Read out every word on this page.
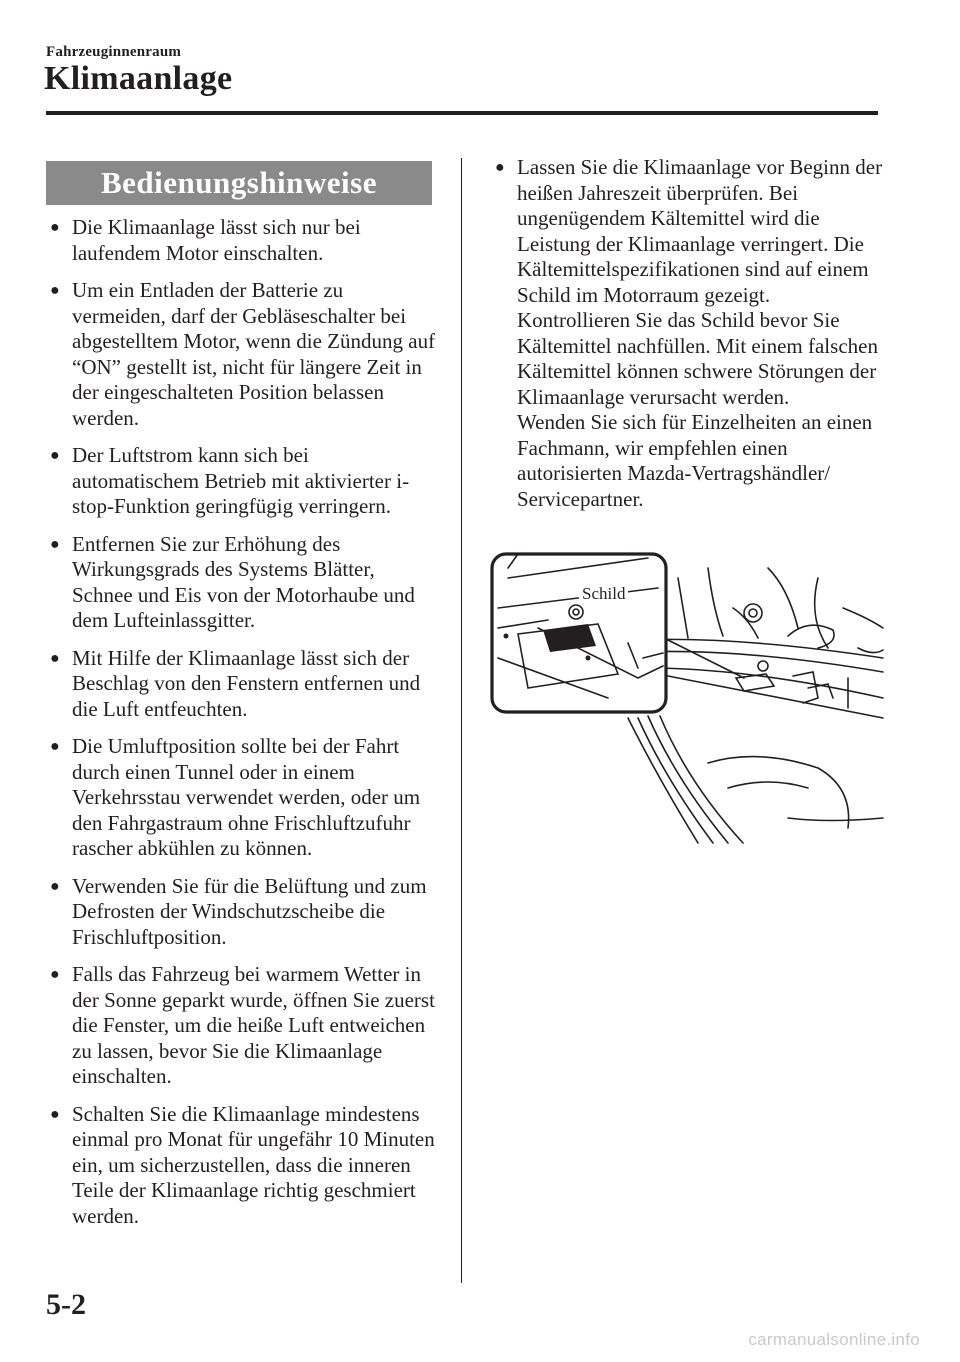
Fahrzeuginnenraum
Klimaanlage
Bedienungshinweise
● Die Klimaanlage lässt sich nur bei laufendem Motor einschalten.
● Um ein Entladen der Batterie zu vermeiden, darf der Gebläseschalter bei abgestelltem Motor, wenn die Zündung auf “ON” gestellt ist, nicht für längere Zeit in der eingeschalteten Position belassen werden.
● Der Luftstrom kann sich bei automatischem Betrieb mit aktivierter i-stop-Funktion geringfügig verringern.
● Entfernen Sie zur Erhöhung des Wirkungsgrads des Systems Blätter, Schnee und Eis von der Motorhaube und dem Lufteinlassgitter.
● Mit Hilfe der Klimaanlage lässt sich der Beschlag von den Fenstern entfernen und die Luft entfeuchten.
● Die Umluftposition sollte bei der Fahrt durch einen Tunnel oder in einem Verkehrsstau verwendet werden, oder um den Fahrgastraum ohne Frischluftzufuhr rascher abkühlen zu können.
● Verwenden Sie für die Belüftung und zum Defrosten der Windschutzscheibe die Frischluftposition.
● Falls das Fahrzeug bei warmem Wetter in der Sonne geparkt wurde, öffnen Sie zuerst die Fenster, um die heiße Luft entweichen zu lassen, bevor Sie die Klimaanlage einschalten.
● Schalten Sie die Klimaanlage mindestens einmal pro Monat für ungefähr 10 Minuten ein, um sicherzustellen, dass die inneren Teile der Klimaanlage richtig geschmiert werden.
● Lassen Sie die Klimaanlage vor Beginn der heißen Jahreszeit überprüfen. Bei ungenügendem Kältemittel wird die Leistung der Klimaanlage verringert. Die Kältemittelspezifikationen sind auf einem Schild im Motorraum gezeigt. Kontrollieren Sie das Schild bevor Sie Kältemittel nachfüllen. Mit einem falschen Kältemittel können schwere Störungen der Klimaanlage verursacht werden.
Wenden Sie sich für Einzelheiten an einen Fachmann, wir empfehlen einen autorisierten Mazda-Vertragshändler/ Servicepartner.
Schild
5-2
carmanualsonline.info
